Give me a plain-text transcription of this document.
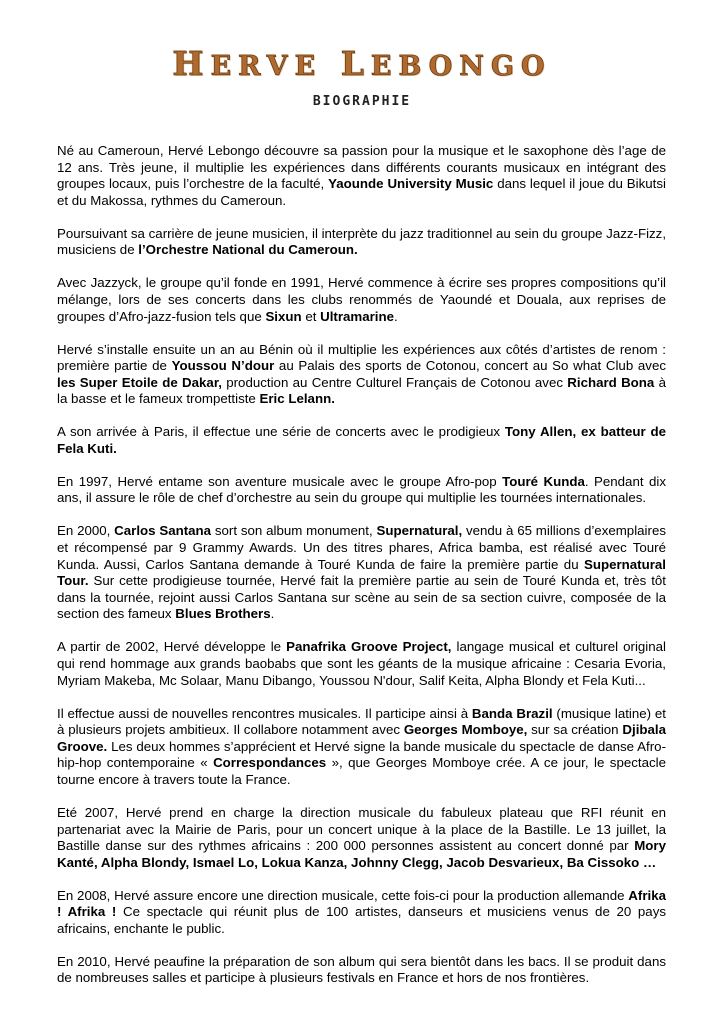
HERVE LEBONGO
BIOGRAPHIE

Né au Cameroun, Hervé Lebongo découvre sa passion pour la musique et le saxophone dès l’age de 12 ans. Très jeune, il multiplie les expériences dans différents courants musicaux en intégrant des groupes locaux, puis l’orchestre de la faculté, Yaounde University Music dans lequel il joue du Bikutsi et du Makossa, rythmes du Cameroun.

Poursuivant sa carrière de jeune musicien, il interprète du jazz traditionnel au sein du groupe Jazz-Fizz, musiciens de l’Orchestre National du Cameroun.

Avec Jazzyck, le groupe qu’il fonde en 1991, Hervé commence à écrire ses propres compositions qu’il mélange, lors de ses concerts dans les clubs renommés de Yaoundé et Douala, aux reprises de groupes d’Afro-jazz-fusion tels que Sixun et Ultramarine.

Hervé s’installe ensuite un an au Bénin où il multiplie les expériences aux côtés d’artistes de renom : première partie de Youssou N’dour au Palais des sports de Cotonou, concert au So what Club avec les Super Etoile de Dakar, production au Centre Culturel Français de Cotonou avec Richard Bona à la basse et le fameux trompettiste Eric Lelann.

A son arrivée à Paris, il effectue une série de concerts avec le prodigieux Tony Allen, ex batteur de Fela Kuti.

En 1997, Hervé entame son aventure musicale avec le groupe Afro-pop Touré Kunda. Pendant dix ans, il assure le rôle de chef d’orchestre au sein du groupe qui multiplie les tournées internationales.

En 2000, Carlos Santana sort son album monument, Supernatural, vendu à 65 millions d’exemplaires et récompensé par 9 Grammy Awards. Un des titres phares, Africa bamba, est réalisé avec Touré Kunda. Aussi, Carlos Santana demande à Touré Kunda de faire la première partie du Supernatural Tour. Sur cette prodigieuse tournée, Hervé fait la première partie au sein de Touré Kunda et, très tôt dans la tournée, rejoint aussi Carlos Santana sur scène au sein de sa section cuivre, composée de la section des fameux Blues Brothers.

A partir de 2002, Hervé développe le Panafrika Groove Project, langage musical et culturel original qui rend hommage aux grands baobabs que sont les géants de la musique africaine : Cesaria Evoria, Myriam Makeba, Mc Solaar, Manu Dibango, Youssou N'dour, Salif Keita, Alpha Blondy et Fela Kuti...

Il effectue aussi de nouvelles rencontres musicales. Il participe ainsi à Banda Brazil (musique latine) et à plusieurs projets ambitieux. Il collabore notamment avec Georges Momboye, sur sa création Djibala Groove. Les deux hommes s’apprécient et Hervé signe la bande musicale du spectacle de danse Afro-hip-hop contemporaine « Correspondances », que Georges Momboye crée. A ce jour, le spectacle tourne encore à travers toute la France.

Eté 2007, Hervé prend en charge la direction musicale du fabuleux plateau que RFI réunit en partenariat avec la Mairie de Paris, pour un concert unique à la place de la Bastille. Le 13 juillet, la Bastille danse sur des rythmes africains : 200 000 personnes assistent au concert donné par Mory Kanté, Alpha Blondy, Ismael Lo, Lokua Kanza, Johnny Clegg, Jacob Desvarieux, Ba Cissoko …

En 2008, Hervé assure encore une direction musicale, cette fois-ci pour la production allemande Afrika ! Afrika ! Ce spectacle qui réunit plus de 100 artistes, danseurs et musiciens venus de 20 pays africains, enchante le public.

En 2010, Hervé peaufine la préparation de son album qui sera bientôt dans les bacs. Il se produit dans de nombreuses salles et participe à plusieurs festivals en France et hors de nos frontières.
